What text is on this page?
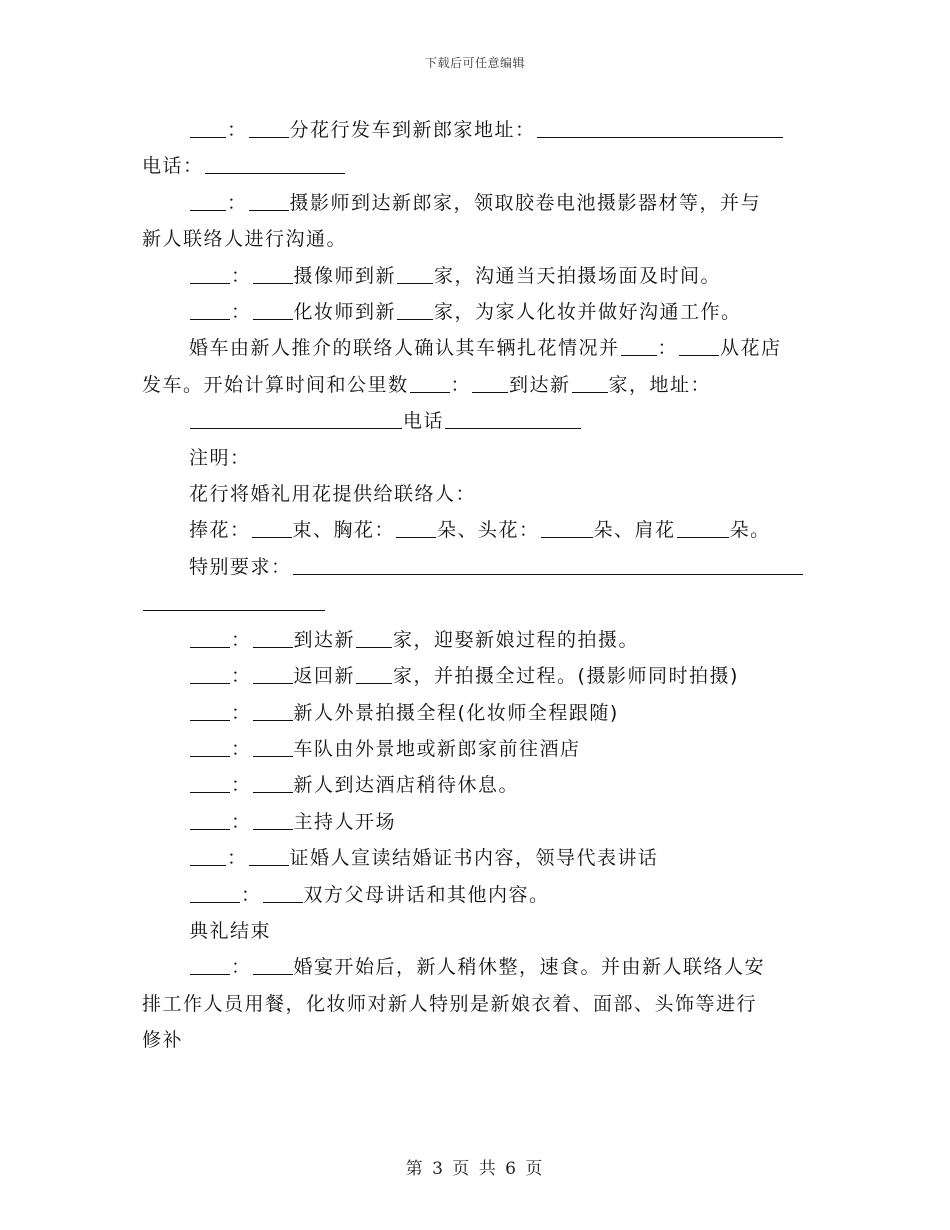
下载后可任意编辑

： 分花行发车到新郎家地址：

电话：

： 摄影师到达新郎家，领取胶卷电池摄影器材等，并与

新人联络人进行沟通。

： 摄像师到新 家，沟通当天拍摄场面及时间。

： 化妆师到新 家，为家人化妆并做好沟通工作。

婚车由新人推介的联络人确认其车辆扎花情况并 ： 从花店

发车。开始计算时间和公里数 ： 到达新 家，地址：

电话

注明：

花行将婚礼用花提供给联络人：

捧花： 束、胸花： 朵、头花：	朵、肩花	朵。

特别要求：

： 到达新 家，迎娶新娘过程的拍摄。

： 返回新 家，并拍摄全过程。(摄影师同时拍摄)

： 新人外景拍摄全程(化妆师全程跟随)

： 车队由外景地或新郎家前往酒店

： 新人到达酒店稍待休息。

： 主持人开场

： 证婚人宣读结婚证书内容，领导代表讲话

： 双方父母讲话和其他内容。

典礼结束

： 婚宴开始后，新人稍休整，速食。并由新人联络人安

排工作人员用餐，化妆师对新人特别是新娘衣着、面部、头饰等进行

修补

第 3 页 共 6 页
